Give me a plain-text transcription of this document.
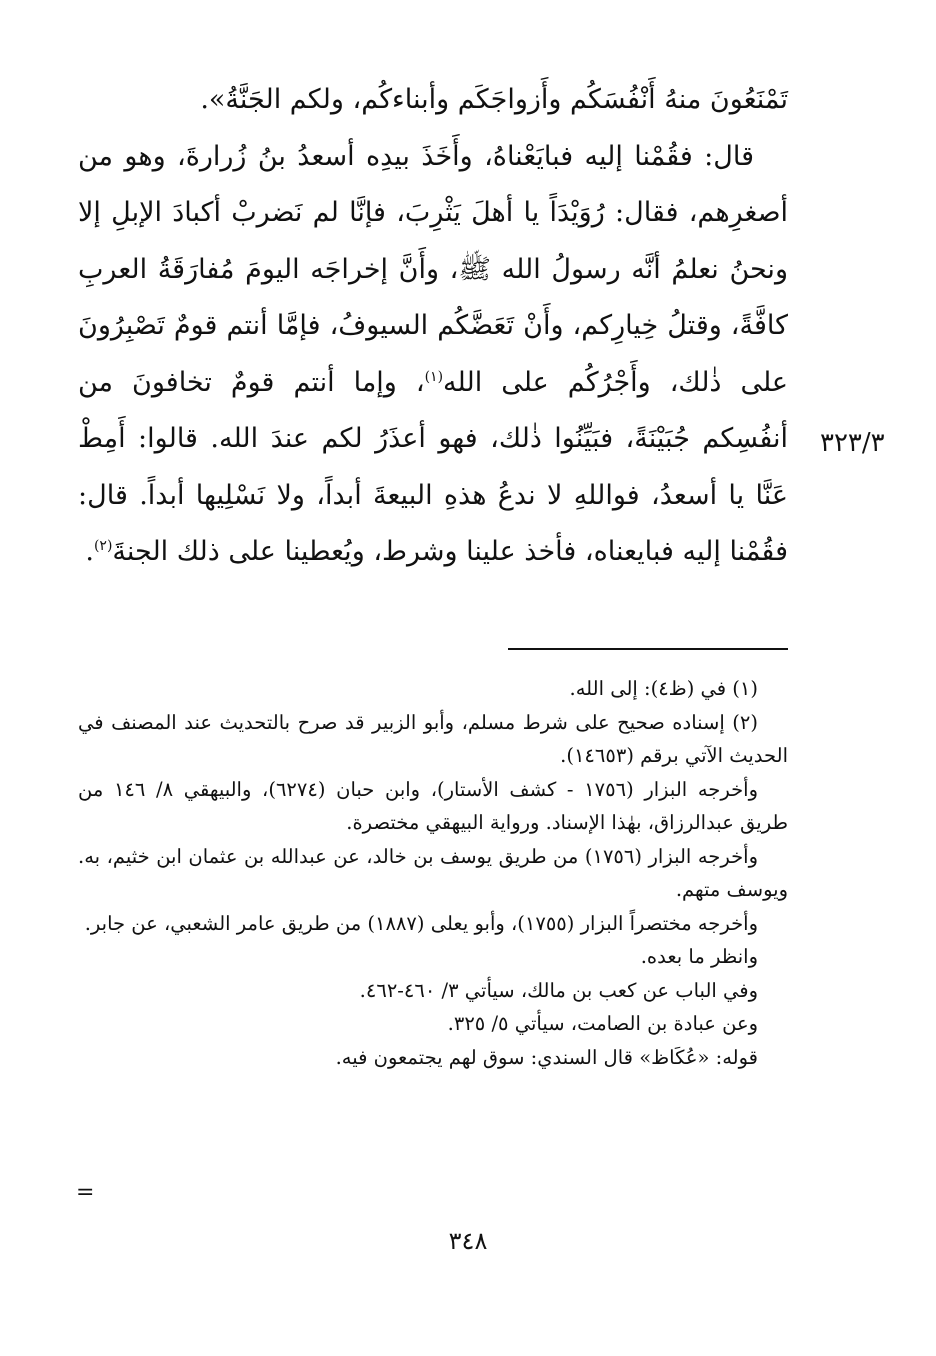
تَمْنَعُونَ منهُ أَنْفُسَكُم وأَزواجَكَم وأبناءكُم، ولكم الجَنَّةُ».

قال: فقُمْنا إليه فبايَعْناهُ، وأَخَذَ بيدِه أسعدُ بنُ زُرارةَ، وهو من أصغرِهم، فقال: رُوَيْدَاً يا أهلَ يَثْرِبَ، فإنَّا لم نَضربْ أكبادَ الإبلِ إلا ونحنُ نعلمُ أنَّه رسولُ الله ﷺ، وأَنَّ إخراجَه اليومَ مُفارَقَةُ العربِ كافَّةً، وقتلُ خِيارِكم، وأَنْ تَعَضَّكُم السيوفُ، فإمَّا أنتم قومٌ تَصْبِرُونَ على ذٰلك، وأَجْرُكُم على الله$^{(١)}$، وإما أنتم قومٌ تخافونَ من أنفُسِكم جُبَيْنَةً، فبَيِّنُوا ذٰلك، فهو أعذَرُ لكم عندَ الله. قالوا: أَمِطْ عَنَّا يا أسعدُ، فواللهِ لا ندعُ هذهِ البيعةَ أبداً، ولا نَسْلِيها أبداً. قال: فقُمْنا إليه فبايعناه، فأخذ علينا وشرط، ويُعطينا على ذلك الجنةَ$^{(٢)}$.

٣٢٣/٣

(١) في (ظ٤): إلى الله.

(٢) إسناده صحيح على شرط مسلم، وأبو الزبير قد صرح بالتحديث عند المصنف في الحديث الآتي برقم (١٤٦٥٣).

وأخرجه البزار (١٧٥٦ - كشف الأستار)، وابن حبان (٦٢٧٤)، والبيهقي ٨/ ١٤٦ من طريق عبدالرزاق، بهٰذا الإسناد. ورواية البيهقي مختصرة.

وأخرجه البزار (١٧٥٦) من طريق يوسف بن خالد، عن عبدالله بن عثمان ابن خثيم، به. ويوسف متهم.

وأخرجه مختصراً البزار (١٧٥٥)، وأبو يعلى (١٨٨٧) من طريق عامر الشعبي، عن جابر.

وانظر ما بعده.

وفي الباب عن كعب بن مالك، سيأتي ٣/ ٤٦٠-٤٦٢.

وعن عبادة بن الصامت، سيأتي ٥/ ٣٢٥.

قوله: «عُكَاظ» قال السندي: سوق لهم يجتمعون فيه.

=
٣٤٨
